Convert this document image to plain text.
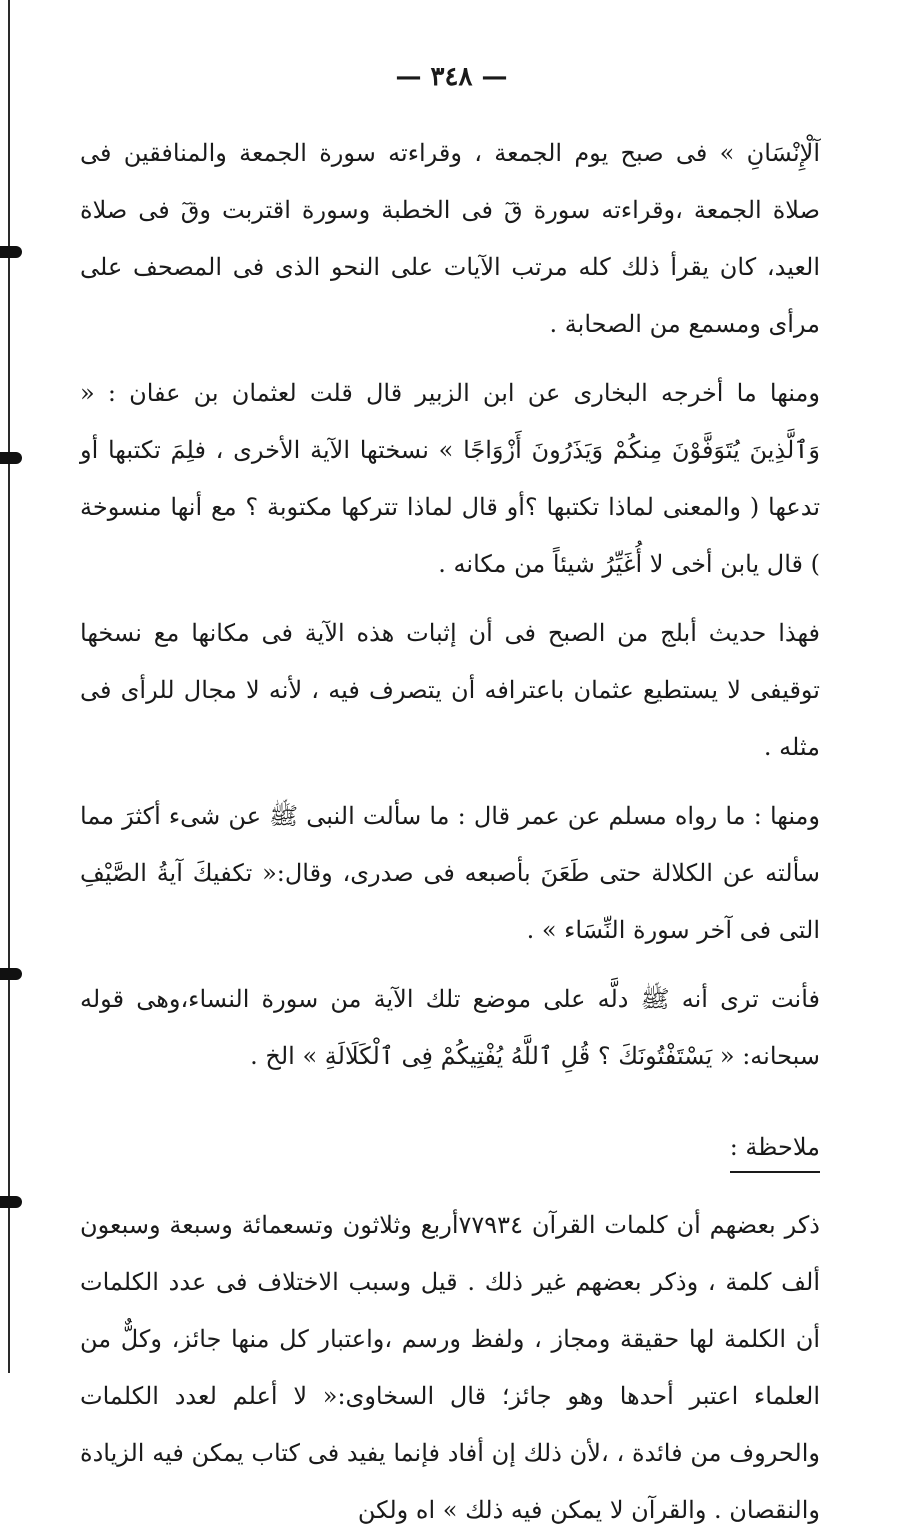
— ٣٤٨ —

آلْإِنْسَانِ » فى صبح يوم الجمعة ، وقراءته سورة الجمعة والمنافقين فى صلاة الجمعة ،وقراءته سورة قٓ فى الخطبة وسورة اقتربت وقٓ فى صلاة العيد، كان يقرأ ذلك كله مرتب الآيات على النحو الذى فى المصحف على مرأى ومسمع من الصحابة .

ومنها ما أخرجه البخارى عن ابن الزبير قال قلت لعثمان بن عفان : « وَٱلَّذِينَ يُتَوَفَّوْنَ مِنكُمْ وَيَذَرُونَ أَزْوَاجًا » نسختها الآية الأخرى ، فلِمَ تكتبها أو تدعها ( والمعنى لماذا تكتبها ؟أو قال لماذا تتركها مكتوبة ؟ مع أنها منسوخة ) قال يابن أخى لا أُغَيِّرُ شيئاً من مكانه .

فهذا حديث أبلج من الصبح فى أن إثبات هذه الآية فى مكانها مع نسخها توقيفى لا يستطيع عثمان باعترافه أن يتصرف فيه ، لأنه لا مجال للرأى فى مثله .

ومنها : ما رواه مسلم عن عمر قال : ما سألت النبى ﷺ عن شىء أكثرَ مما سألته عن الكلالة حتى طَعَنَ بأصبعه فى صدرى، وقال:« تكفيكَ آيةُ الصَّيْفِ التى فى آخر سورة النِّسَاء » .

فأنت ترى أنه ﷺ دلَّه على موضع تلك الآية من سورة النساء،وهى قوله سبحانه: « يَسْتَفْتُونَكَ ؟ قُلِ ٱللَّهُ يُفْتِيكُمْ فِى ٱلْكَلَالَةِ » الخ .

ملاحظة :

ذكر بعضهم أن كلمات القرآن ٧٧٩٣٤أربع وثلاثون وتسعمائة وسبعة وسبعون ألف كلمة ، وذكر بعضهم غير ذلك . قيل وسبب الاختلاف فى عدد الكلمات أن الكلمة لها حقيقة ومجاز ، ولفظ ورسم ،واعتبار كل منها جائز، وكلٌّ من العلماء اعتبر أحدها وهو جائز؛ قال السخاوى:« لا أعلم لعدد الكلمات والحروف من فائدة ، ،لأن ذلك إن أفاد فإنما يفيد فى كتاب يمكن فيه الزيادة والنقصان . والقرآن لا يمكن فيه ذلك » اه ولكن
